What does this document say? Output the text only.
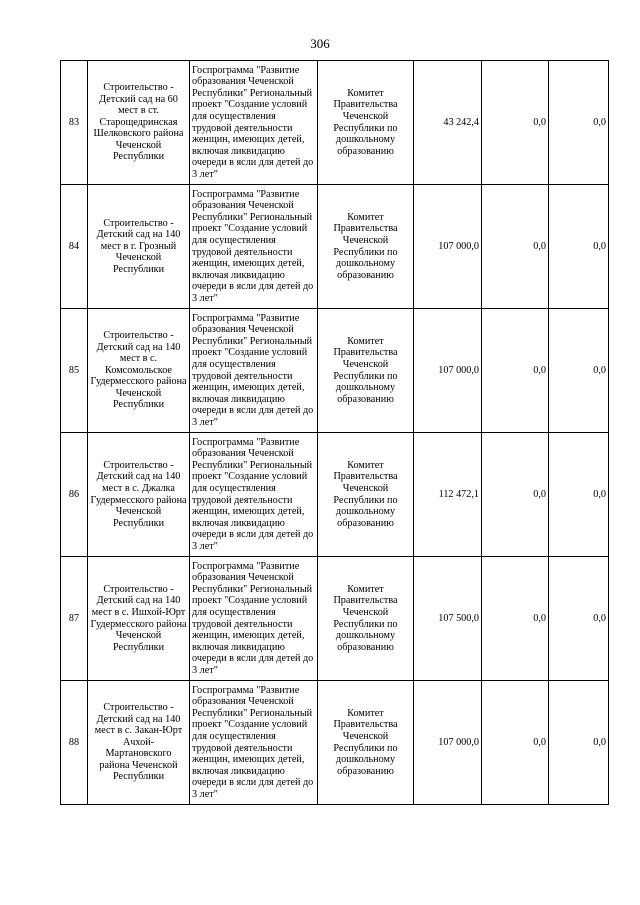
306
83	Строительство - Детский сад на 60 мест в ст. Старощедринская Шелковского района Чеченской Республики	Госпрограмма "Развитие образования Чеченской Республики" Региональный проект "Создание условий для осуществления трудовой деятельности женщин, имеющих детей, включая ликвидацию очереди в ясли для детей до 3 лет"	Комитет Правительства Чеченской Республики по дошкольному образованию	43 242,4	0,0	0,0
84	Строительство - Детский сад на 140 мест в г. Грозный Чеченской Республики	Госпрограмма "Развитие образования Чеченской Республики" Региональный проект "Создание условий для осуществления трудовой деятельности женщин, имеющих детей, включая ликвидацию очереди в ясли для детей до 3 лет"	Комитет Правительства Чеченской Республики по дошкольному образованию	107 000,0	0,0	0,0
85	Строительство - Детский сад на 140 мест в с. Комсомольское Гудермесского района Чеченской Республики	Госпрограмма "Развитие образования Чеченской Республики" Региональный проект "Создание условий для осуществления трудовой деятельности женщин, имеющих детей, включая ликвидацию очереди в ясли для детей до 3 лет"	Комитет Правительства Чеченской Республики по дошкольному образованию	107 000,0	0,0	0,0
86	Строительство - Детский сад на 140 мест в с. Джалка Гудермесского района Чеченской Республики	Госпрограмма "Развитие образования Чеченской Республики" Региональный проект "Создание условий для осуществления трудовой деятельности женщин, имеющих детей, включая ликвидацию очереди в ясли для детей до 3 лет"	Комитет Правительства Чеченской Республики по дошкольному образованию	112 472,1	0,0	0,0
87	Строительство - Детский сад на 140 мест в с. Ишхой-Юрт Гудермесского района Чеченской Республики	Госпрограмма "Развитие образования Чеченской Республики" Региональный проект "Создание условий для осуществления трудовой деятельности женщин, имеющих детей, включая ликвидацию очереди в ясли для детей до 3 лет"	Комитет Правительства Чеченской Республики по дошкольному образованию	107 500,0	0,0	0,0
88	Строительство - Детский сад на 140 мест в с. Закан-Юрт Ачхой-Мартановского района Чеченской Республики	Госпрограмма "Развитие образования Чеченской Республики" Региональный проект "Создание условий для осуществления трудовой деятельности женщин, имеющих детей, включая ликвидацию очереди в ясли для детей до 3 лет"	Комитет Правительства Чеченской Республики по дошкольному образованию	107 000,0	0,0	0,0
